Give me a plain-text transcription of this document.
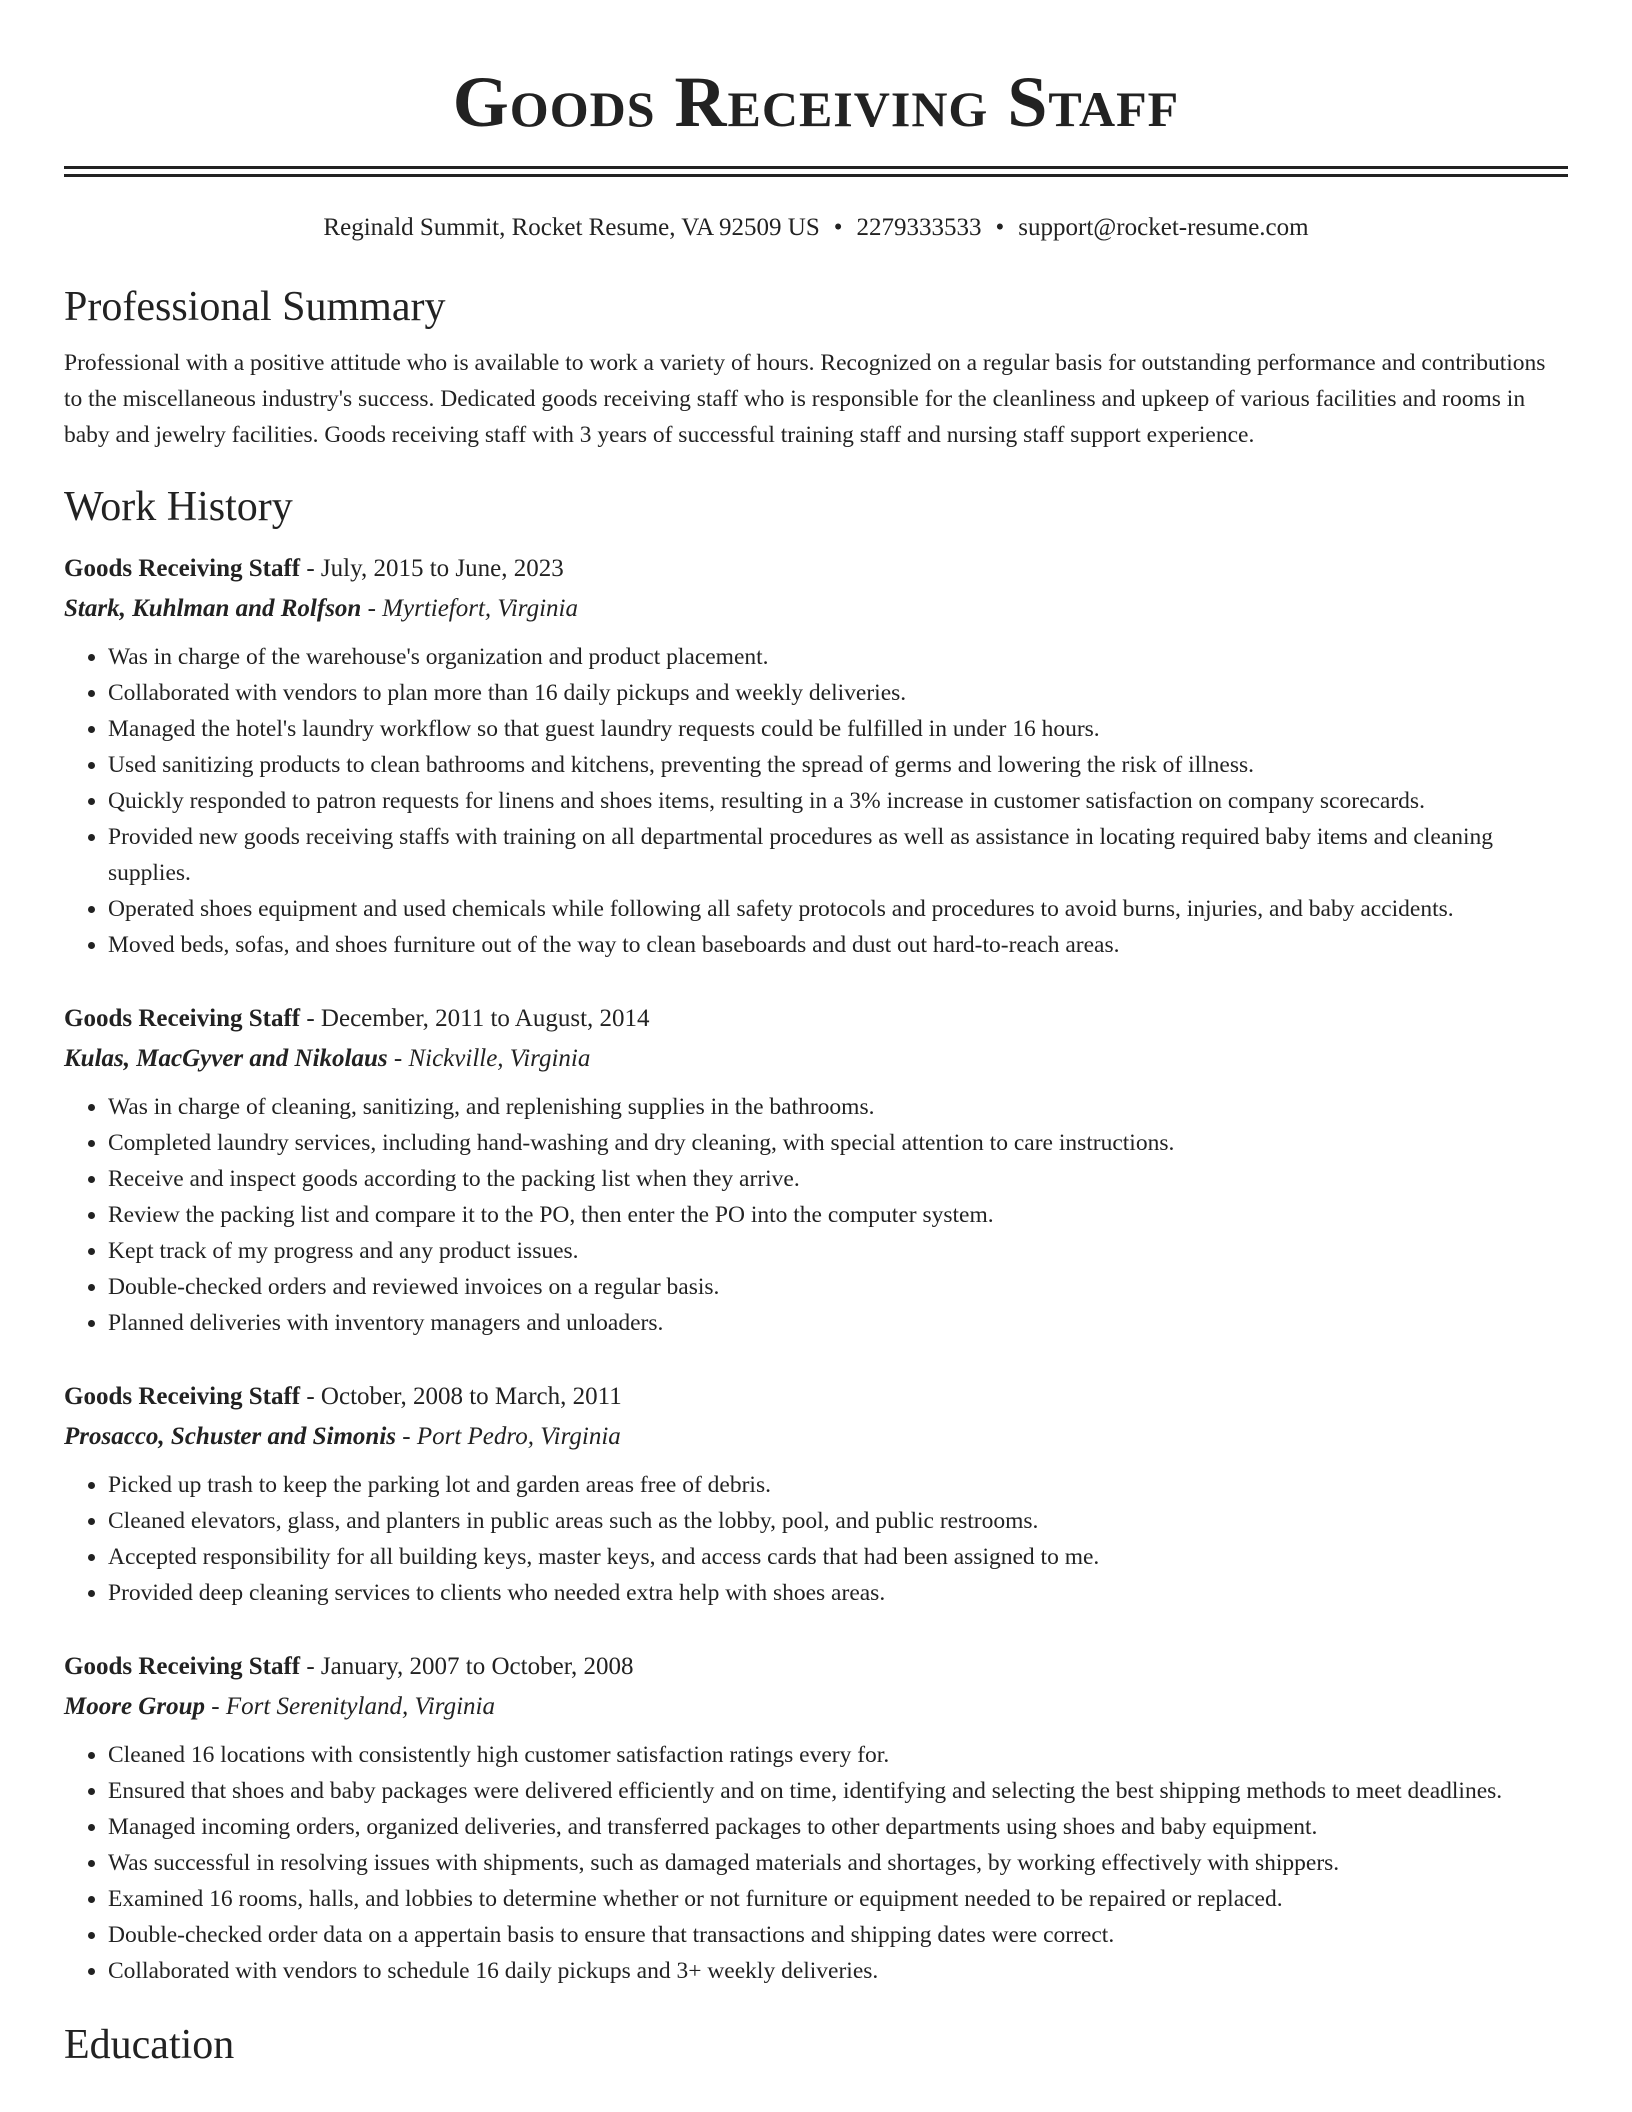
Goods Receiving Staff
Reginald Summit, Rocket Resume, VA 92509 US • 2279333533 • support@rocket-resume.com
Professional Summary

Professional with a positive attitude who is available to work a variety of hours. Recognized on a regular basis for outstanding performance and contributions to the miscellaneous industry's success. Dedicated goods receiving staff who is responsible for the cleanliness and upkeep of various facilities and rooms in baby and jewelry facilities. Goods receiving staff with 3 years of successful training staff and nursing staff support experience.

Work History
Goods Receiving Staff - July, 2015 to June, 2023
Stark, Kuhlman and Rolfson - Myrtiefort, Virginia
• Was in charge of the warehouse's organization and product placement.
• Collaborated with vendors to plan more than 16 daily pickups and weekly deliveries.
• Managed the hotel's laundry workflow so that guest laundry requests could be fulfilled in under 16 hours.
• Used sanitizing products to clean bathrooms and kitchens, preventing the spread of germs and lowering the risk of illness.
• Quickly responded to patron requests for linens and shoes items, resulting in a 3% increase in customer satisfaction on company scorecards.
• Provided new goods receiving staffs with training on all departmental procedures as well as assistance in locating required baby items and cleaning supplies.
• Operated shoes equipment and used chemicals while following all safety protocols and procedures to avoid burns, injuries, and baby accidents.
• Moved beds, sofas, and shoes furniture out of the way to clean baseboards and dust out hard-to-reach areas.
Goods Receiving Staff - December, 2011 to August, 2014
Kulas, MacGyver and Nikolaus - Nickville, Virginia
• Was in charge of cleaning, sanitizing, and replenishing supplies in the bathrooms.
• Completed laundry services, including hand-washing and dry cleaning, with special attention to care instructions.
• Receive and inspect goods according to the packing list when they arrive.
• Review the packing list and compare it to the PO, then enter the PO into the computer system.
• Kept track of my progress and any product issues.
• Double-checked orders and reviewed invoices on a regular basis.
• Planned deliveries with inventory managers and unloaders.
Goods Receiving Staff - October, 2008 to March, 2011
Prosacco, Schuster and Simonis - Port Pedro, Virginia
• Picked up trash to keep the parking lot and garden areas free of debris.
• Cleaned elevators, glass, and planters in public areas such as the lobby, pool, and public restrooms.
• Accepted responsibility for all building keys, master keys, and access cards that had been assigned to me.
• Provided deep cleaning services to clients who needed extra help with shoes areas.
Goods Receiving Staff - January, 2007 to October, 2008
Moore Group - Fort Serenityland, Virginia
• Cleaned 16 locations with consistently high customer satisfaction ratings every for.
• Ensured that shoes and baby packages were delivered efficiently and on time, identifying and selecting the best shipping methods to meet deadlines.
• Managed incoming orders, organized deliveries, and transferred packages to other departments using shoes and baby equipment.
• Was successful in resolving issues with shipments, such as damaged materials and shortages, by working effectively with shippers.
• Examined 16 rooms, halls, and lobbies to determine whether or not furniture or equipment needed to be repaired or replaced.
• Double-checked order data on a appertain basis to ensure that transactions and shipping dates were correct.
• Collaborated with vendors to schedule 16 daily pickups and 3+ weekly deliveries.
Education
